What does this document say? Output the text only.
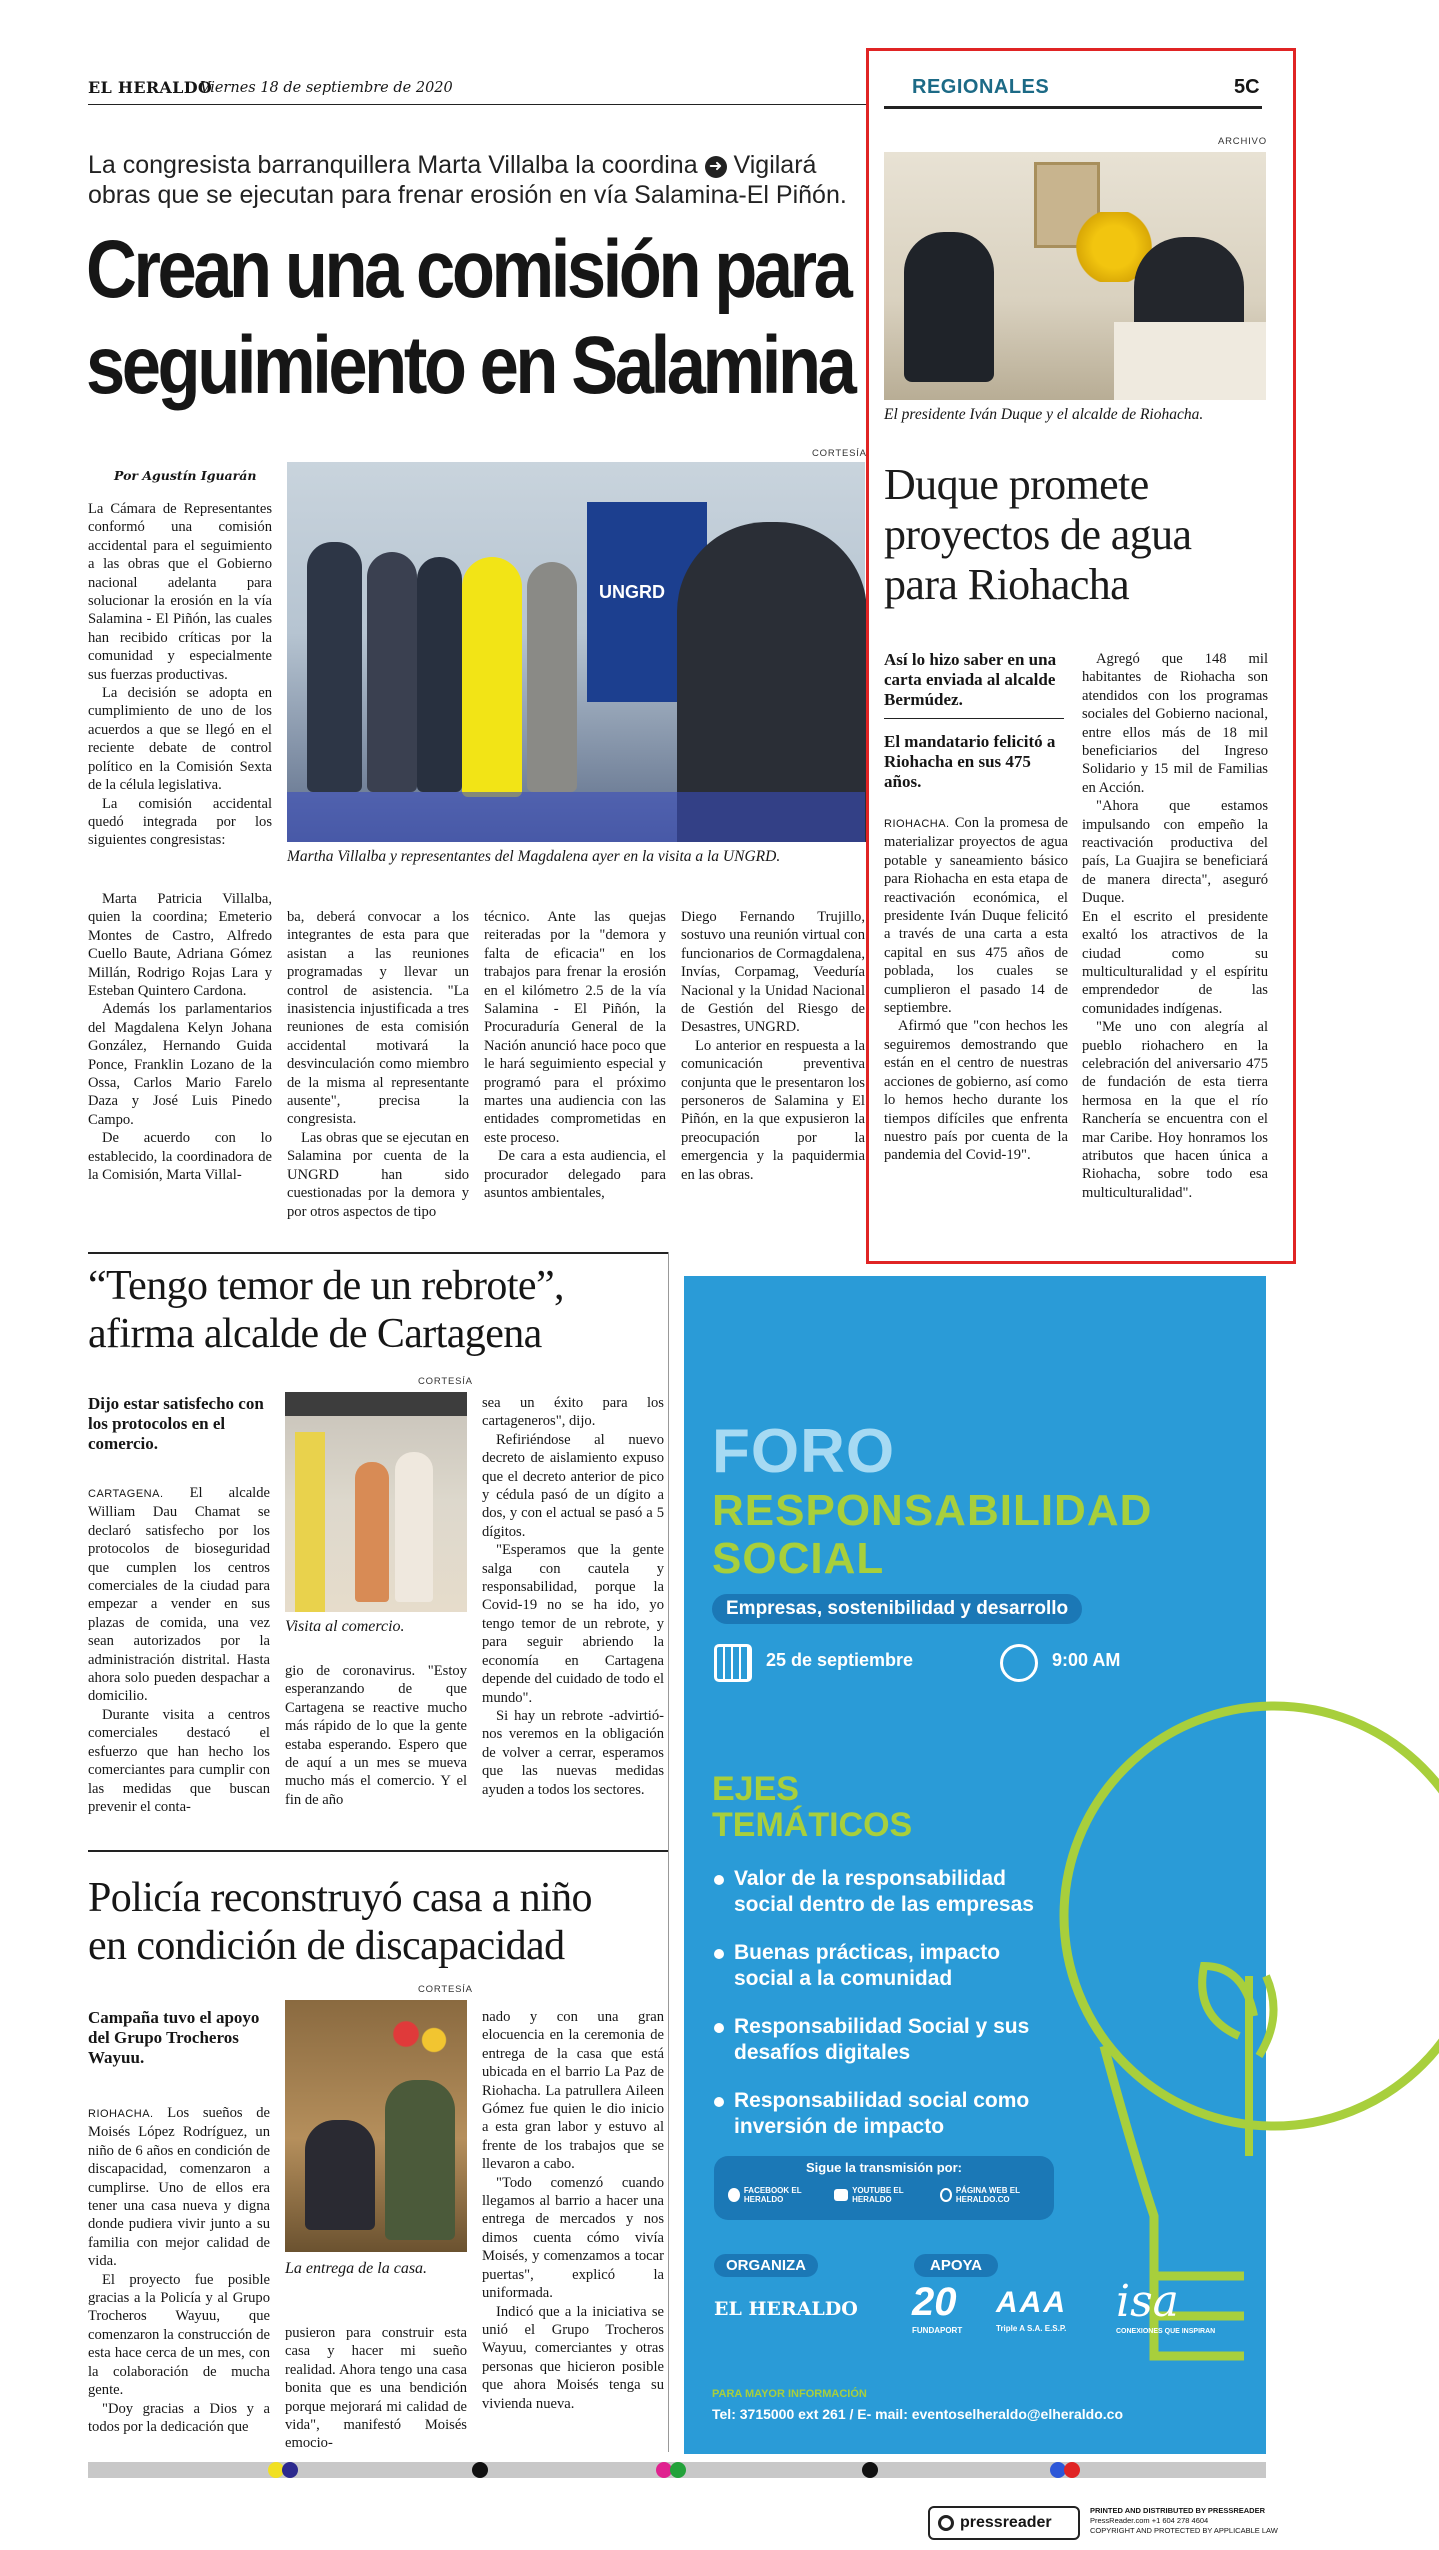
EL HERALDO
Viernes 18 de septiembre de 2020	REGIONALES	5C
La congresista barranquillera Marta Villalba la coordina ➜ Vigilará obras que se ejecutan para frenar erosión en vía Salamina-El Piñón.
Crean una comisión para
seguimiento en Salamina
Por Agustín Iguarán
CORTESÍA
UNGRD
Martha Villalba y representantes del Magdalena ayer en la visita a la UNGRD.

La Cámara de Representantes conformó una comisión accidental para el seguimiento a las obras que el Gobierno nacional adelanta para solucionar la erosión en la vía Salamina - El Piñón, las cuales han recibido críticas por la comunidad y especialmente sus fuerzas productivas.

La decisión se adopta en cumplimiento de uno de los acuerdos a que se llegó en el reciente debate de control político en la Comisión Sexta de la célula legislativa.

La comisión accidental quedó integrada por los siguientes congresistas:

Marta Patricia Villalba, quien la coordina; Emeterio Montes de Castro, Alfredo Cuello Baute, Adriana Gómez Millán, Rodrigo Rojas Lara y Esteban Quintero Cardona.

Además los parlamentarios del Magdalena Kelyn Johana González, Hernando Guida Ponce, Franklin Lozano de la Ossa, Carlos Mario Farelo Daza y José Luis Pinedo Campo.

De acuerdo con lo establecido, la coordinadora de la Comisión, Marta Villal-

ba, deberá convocar a los integrantes de esta para que asistan a las reuniones programadas y llevar un control de asistencia. "La inasistencia injustificada a tres reuniones de esta comisión accidental motivará la desvinculación como miembro de la misma al representante ausente", precisa la congresista.

Las obras que se ejecutan en Salamina por cuenta de la UNGRD han sido cuestionadas por la demora y por otros aspectos de tipo

técnico. Ante las quejas reiteradas por la "demora y falta de eficacia" en los trabajos para frenar la erosión en el kilómetro 2.5 de la vía Salamina - El Piñón, la Procuraduría General de la Nación anunció hace poco que le hará seguimiento especial y programó para el próximo martes una audiencia con las entidades comprometidas en este proceso.

De cara a esta audiencia, el procurador delegado para asuntos ambientales,

Diego Fernando Trujillo, sostuvo una reunión virtual con funcionarios de Cormagdalena, Invías, Corpamag, Veeduría Nacional y la Unidad Nacional de Gestión del Riesgo de Desastres, UNGRD.

Lo anterior en respuesta a la comunicación preventiva conjunta que le presentaron los personeros de Salamina y El Piñón, en la que expusieron la preocupación por la emergencia y la paquidermia en las obras.

ARCHIVO
El presidente Iván Duque y el alcalde de Riohacha.
Duque promete
proyectos de agua
para Riohacha
Así lo hizo saber en una carta enviada al alcalde Bermúdez.
El mandatario felicitó a Riohacha en sus 475 años.

RIOHACHA. Con la promesa de materializar proyectos de agua potable y saneamiento básico para Riohacha en esta etapa de reactivación económica, el presidente Iván Duque felicitó a través de una carta a esta capital en sus 475 años de poblada, los cuales se cumplieron el pasado 14 de septiembre.

Afirmó que "con hechos les seguiremos demostrando que están en el centro de nuestras acciones de gobierno, así como lo hemos hecho durante los tiempos difíciles que enfrenta nuestro país por cuenta de la pandemia del Covid-19".

Agregó que 148 mil habitantes de Riohacha son atendidos con los programas sociales del Gobierno nacional, entre ellos más de 18 mil beneficiarios del Ingreso Solidario y 15 mil de Familias en Acción.

"Ahora que estamos impulsando con empeño la reactivación productiva del país, La Guajira se beneficiará de manera directa", aseguró Duque.

En el escrito el presidente exaltó los atractivos de la ciudad como su multiculturalidad y el espíritu emprendedor de las comunidades indígenas.

"Me uno con alegría al pueblo riohachero en la celebración del aniversario 475 de fundación de esta tierra hermosa en la que el río Ranchería se encuentra con el mar Caribe. Hoy honramos los atributos que hacen única a Riohacha, sobre todo esa multiculturalidad".

“Tengo temor de un rebrote”,
afirma alcalde de Cartagena
Dijo estar satisfecho con los protocolos en el comercio.
CORTESÍA
Visita al comercio.

CARTAGENA. El alcalde William Dau Chamat se declaró satisfecho por los protocolos de bioseguridad que cumplen los centros comerciales de la ciudad para empezar a vender en sus plazas de comida, una vez sean autorizados por la administración distrital. Hasta ahora solo pueden despachar a domicilio.

Durante visita a centros comerciales destacó el esfuerzo que han hecho los comerciantes para cumplir con las medidas que buscan prevenir el conta-

gio de coronavirus. "Estoy esperanzando de que Cartagena se reactive mucho más rápido de lo que la gente estaba esperando. Espero que de aquí a un mes se mueva mucho más el comercio. Y el fin de año

sea un éxito para los cartageneros", dijo.

Refiriéndose al nuevo decreto de aislamiento expuso que el decreto anterior de pico y cédula pasó de un dígito a dos, y con el actual se pasó a 5 dígitos.

"Esperamos que la gente salga con cautela y responsabilidad, porque la Covid-19 no se ha ido, yo tengo temor de un rebrote, y para seguir abriendo la economía en Cartagena depende del cuidado de todo el mundo".

Si hay un rebrote -advirtió- nos veremos en la obligación de volver a cerrar, esperamos que las nuevas medidas ayuden a todos los sectores.

Policía reconstruyó casa a niño
en condición de discapacidad
Campaña tuvo el apoyo del Grupo Trocheros Wayuu.
CORTESÍA
La entrega de la casa.

RIOHACHA. Los sueños de Moisés López Rodríguez, un niño de 6 años en condición de discapacidad, comenzaron a cumplirse. Uno de ellos era tener una casa nueva y digna donde pudiera vivir junto a su familia con mejor calidad de vida.

El proyecto fue posible gracias a la Policía y al Grupo Trocheros Wayuu, que comenzaron la construcción de esta hace cerca de un mes, con la colaboración de mucha gente.

"Doy gracias a Dios y a todos por la dedicación que

pusieron para construir esta casa y hacer mi sueño realidad. Ahora tengo una casa bonita que es una bendición porque mejorará mi calidad de vida", manifestó Moisés emocio-

nado y con una gran elocuencia en la ceremonia de entrega de la casa que está ubicada en el barrio La Paz de Riohacha. La patrullera Aileen Gómez fue quien le dio inicio a esta gran labor y estuvo al frente de los trabajos que se llevaron a cabo.

"Todo comenzó cuando llegamos al barrio a hacer una entrega de mercados y nos dimos cuenta cómo vivía Moisés, y comenzamos a tocar puertas", explicó la uniformada.

Indicó que a la iniciativa se unió el Grupo Trocheros Wayuu, comerciantes y otras personas que hicieron posible que ahora Moisés tenga su vivienda nueva.

FORO
RESPONSABILIDAD
SOCIAL
Empresas, sostenibilidad y desarrollo
25 de septiembre	9:00 AM
EJES
TEMÁTICOS
Valor de la responsabilidad social dentro de las empresas
Buenas prácticas, impacto social a la comunidad
Responsabilidad Social y sus desafíos digitales
Responsabilidad social como inversión de impacto
Sigue la transmisión por:
FACEBOOK EL HERALDO
YOUTUBE EL HERALDO
PÁGINA WEB EL HERALDO.CO
ORGANIZA	APOYA
EL HERALDO 20
FUNDAPORT
AAA
Triple A S.A. E.S.P.
isa
CONEXIONES QUE INSPIRAN
PARA MAYOR INFORMACIÓN
Tel: 3715000 ext 261 / E- mail: eventoselheraldo@elheraldo.co
pressreader
PRINTED AND DISTRIBUTED BY PRESSREADER
PressReader.com +1 604 278 4604
COPYRIGHT AND PROTECTED BY APPLICABLE LAW
